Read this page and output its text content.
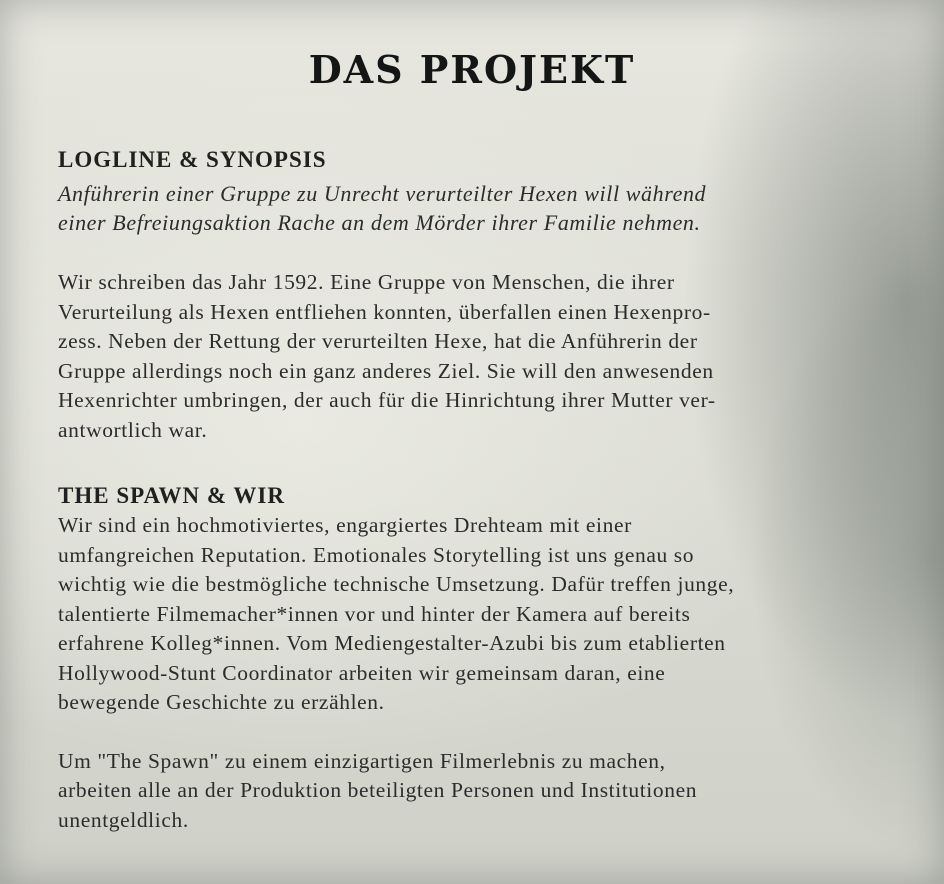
DAS PROJEKT
LOGLINE & SYNOPSIS

Anführerin einer Gruppe zu Unrecht verurteilter Hexen will während
einer Befreiungsaktion Rache an dem Mörder ihrer Familie nehmen.

Wir schreiben das Jahr 1592. Eine Gruppe von Menschen, die ihrer
Verurteilung als Hexen entfliehen konnten, überfallen einen Hexenpro-
zess. Neben der Rettung der verurteilten Hexe, hat die Anführerin der
Gruppe allerdings noch ein ganz anderes Ziel. Sie will den anwesenden
Hexenrichter umbringen, der auch für die Hinrichtung ihrer Mutter ver-
antwortlich war.

THE SPAWN & WIR

Wir sind ein hochmotiviertes, engargiertes Drehteam mit einer
umfangreichen Reputation. Emotionales Storytelling ist uns genau so
wichtig wie die bestmögliche technische Umsetzung. Dafür treffen junge,
talentierte Filmemacher*innen vor und hinter der Kamera auf bereits
erfahrene Kolleg*innen. Vom Mediengestalter-Azubi bis zum etablierten
Hollywood-Stunt Coordinator arbeiten wir gemeinsam daran, eine
bewegende Geschichte zu erzählen.

Um "The Spawn" zu einem einzigartigen Filmerlebnis zu machen,
arbeiten alle an der Produktion beteiligten Personen und Institutionen
unentgeldlich.
